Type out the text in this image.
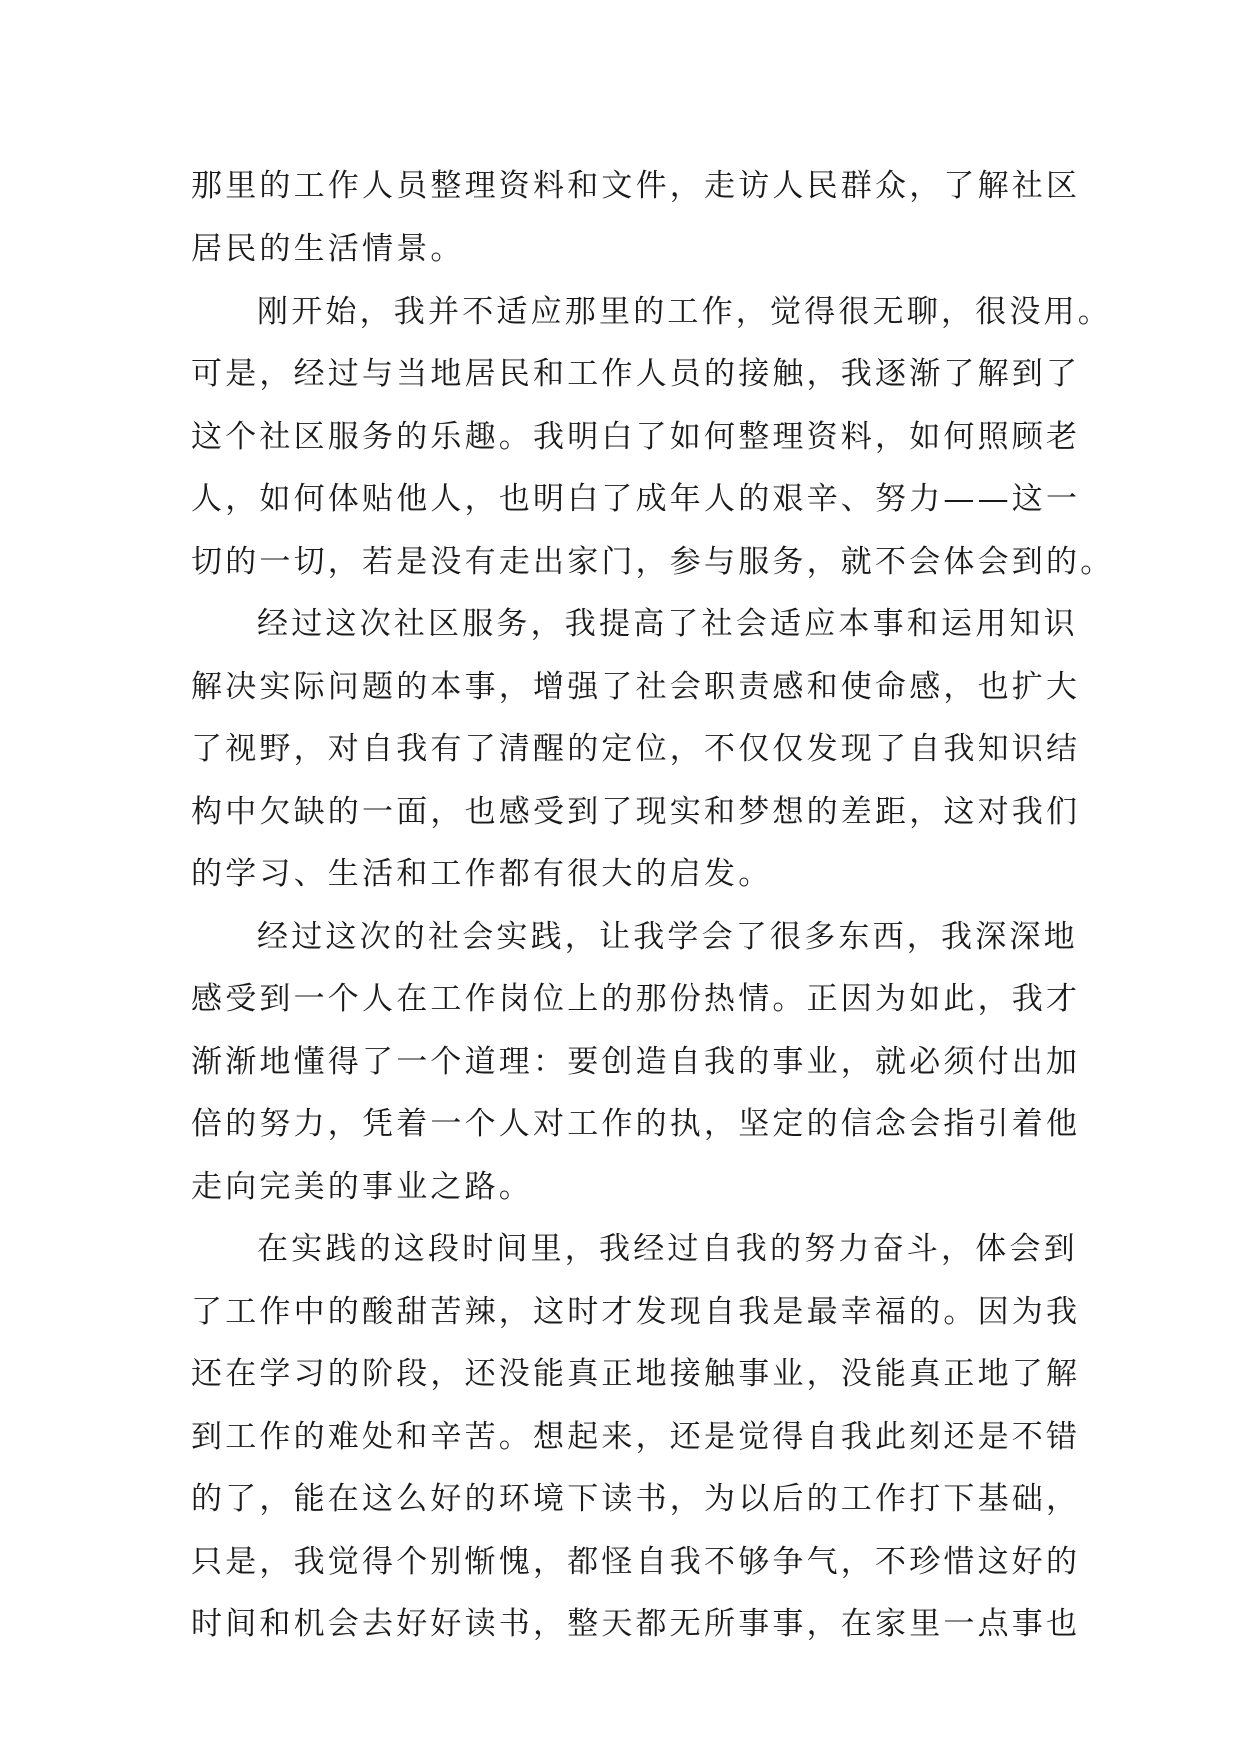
那里的工作人员整理资料和文件，走访人民群众，了解社区
居民的生活情景。
刚开始，我并不适应那里的工作，觉得很无聊，很没用。
可是，经过与当地居民和工作人员的接触，我逐渐了解到了
这个社区服务的乐趣。我明白了如何整理资料，如何照顾老
人，如何体贴他人，也明白了成年人的艰辛、努力——这一
切的一切，若是没有走出家门，参与服务，就不会体会到的。
经过这次社区服务，我提高了社会适应本事和运用知识
解决实际问题的本事，增强了社会职责感和使命感，也扩大
了视野，对自我有了清醒的定位，不仅仅发现了自我知识结
构中欠缺的一面，也感受到了现实和梦想的差距，这对我们
的学习、生活和工作都有很大的启发。
经过这次的社会实践，让我学会了很多东西，我深深地
感受到一个人在工作岗位上的那份热情。正因为如此，我才
渐渐地懂得了一个道理：要创造自我的事业，就必须付出加
倍的努力，凭着一个人对工作的执，坚定的信念会指引着他
走向完美的事业之路。
在实践的这段时间里，我经过自我的努力奋斗，体会到
了工作中的酸甜苦辣，这时才发现自我是最幸福的。因为我
还在学习的阶段，还没能真正地接触事业，没能真正地了解
到工作的难处和辛苦。想起来，还是觉得自我此刻还是不错
的了，能在这么好的环境下读书，为以后的工作打下基础，
只是，我觉得个别惭愧，都怪自我不够争气，不珍惜这好的
时间和机会去好好读书，整天都无所事事，在家里一点事也
